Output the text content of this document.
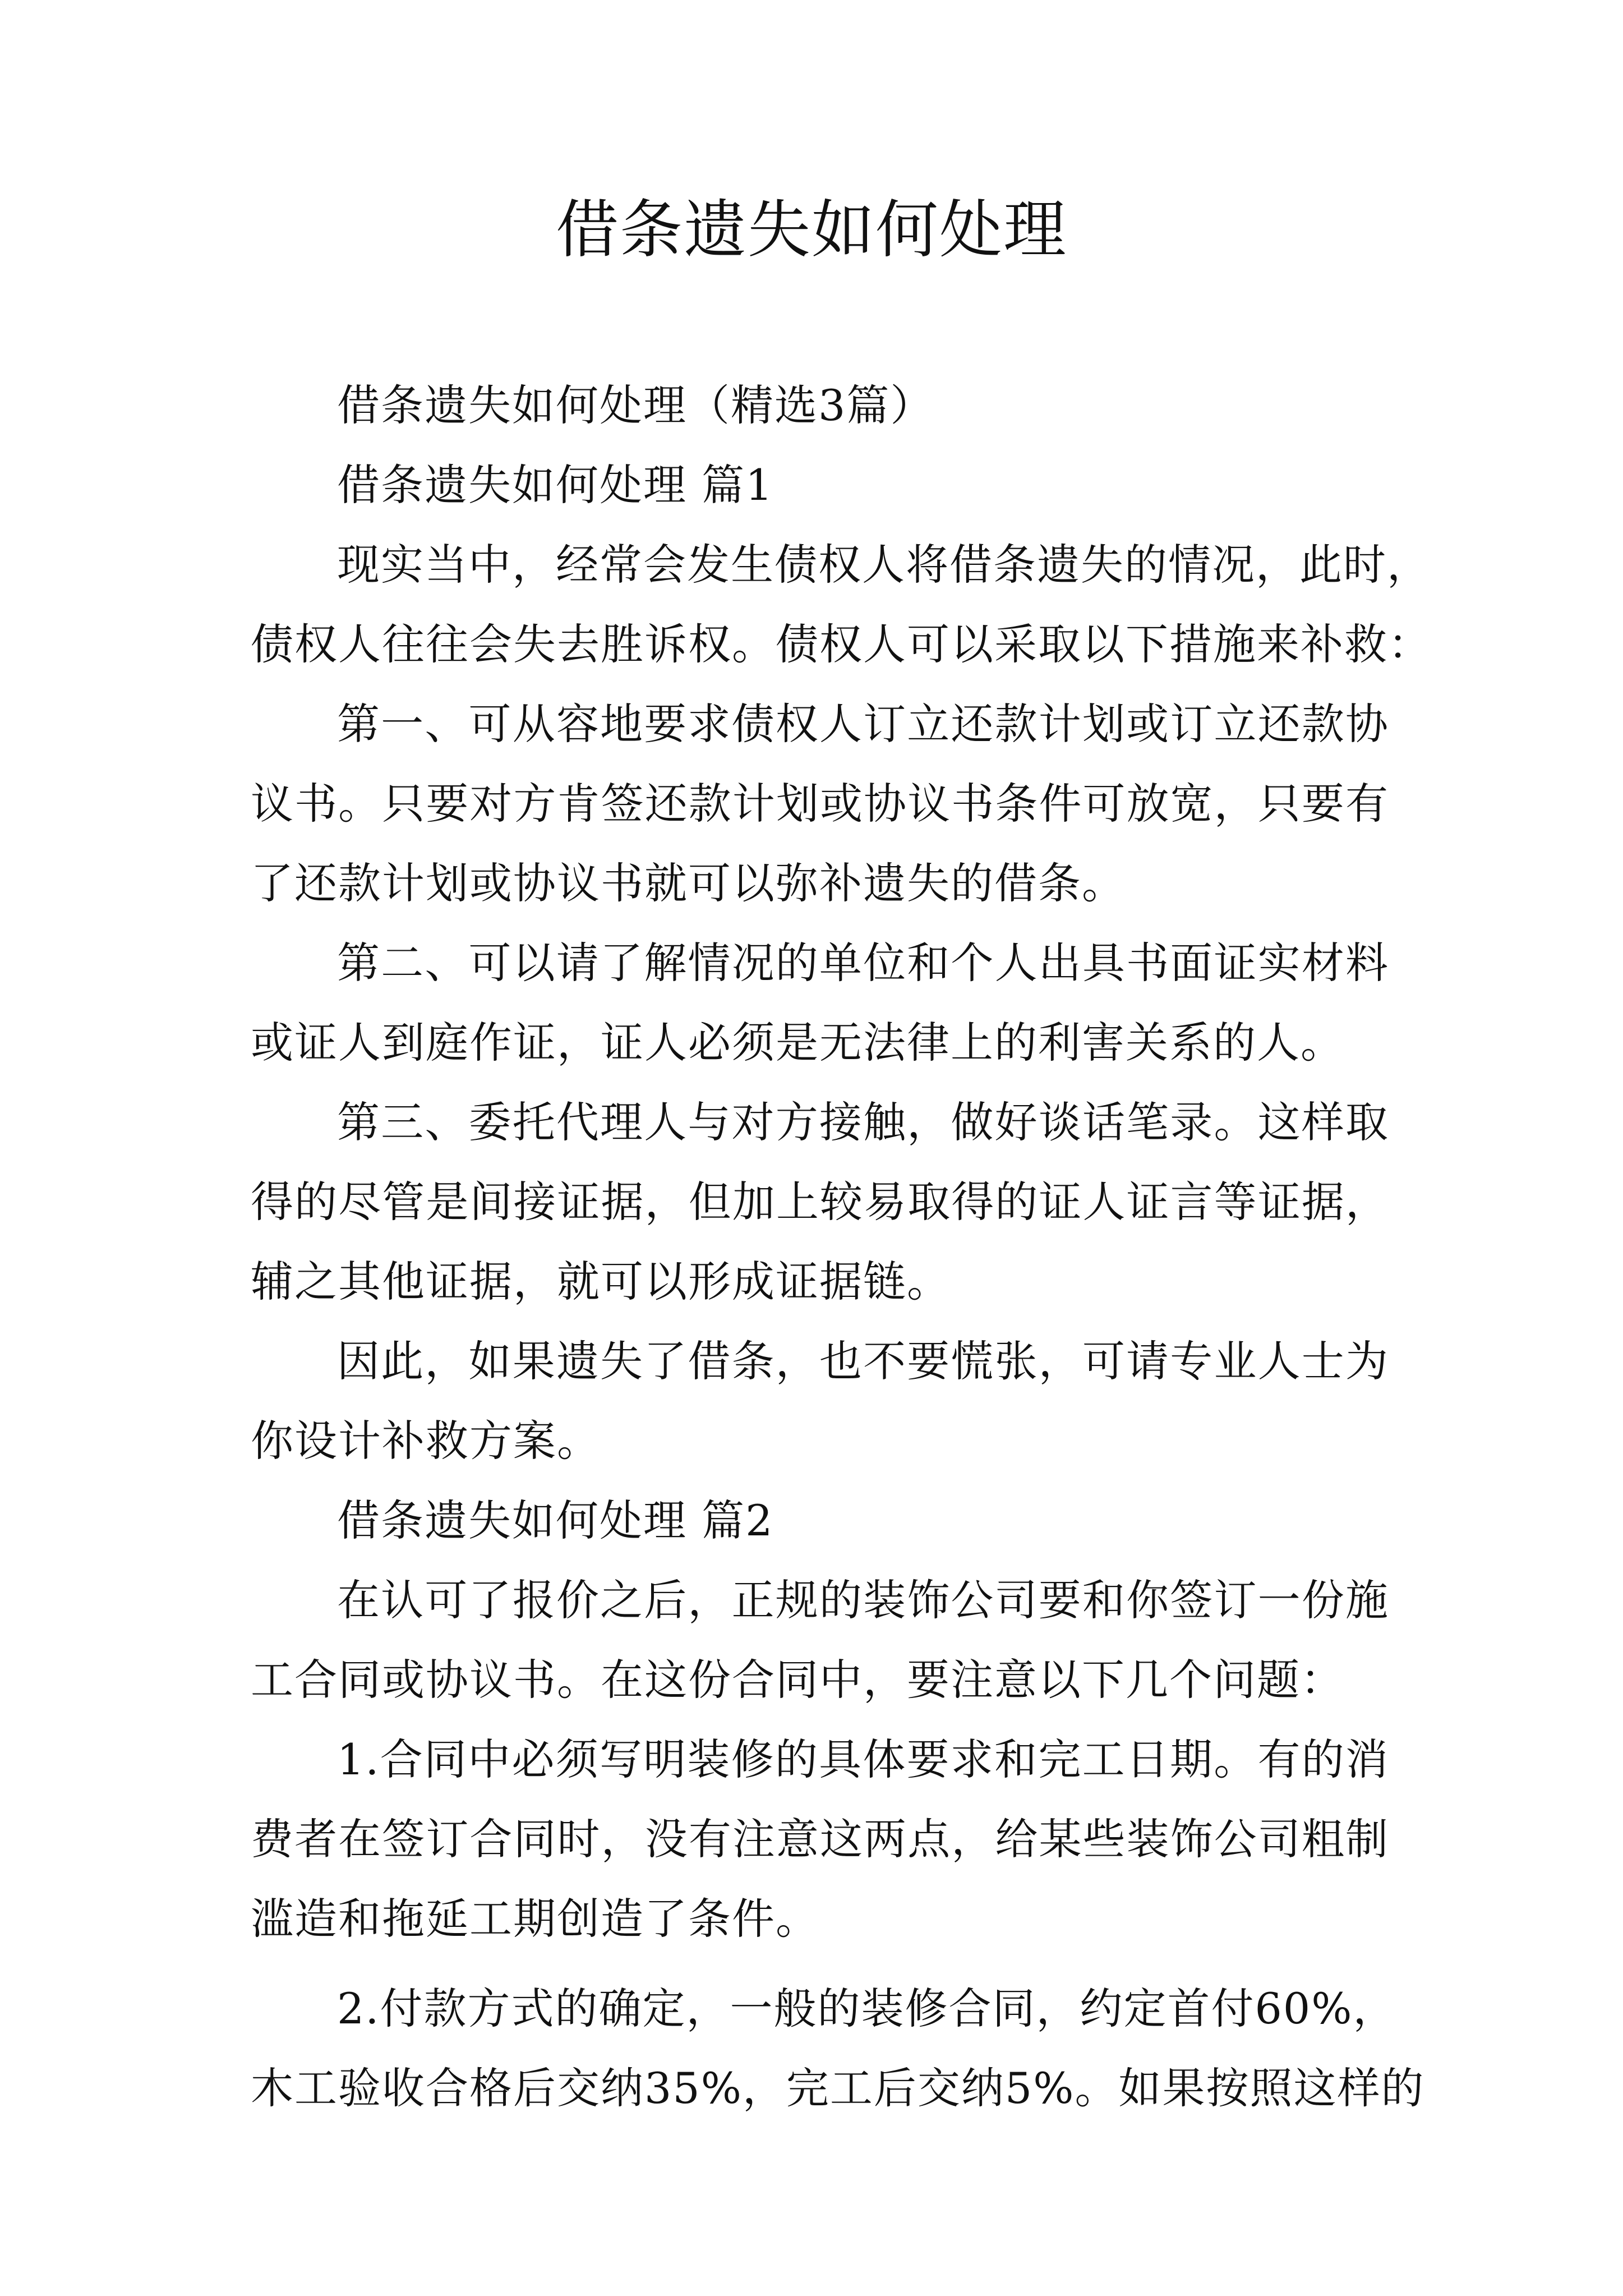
借条遗失如何处理
借条遗失如何处理（精选3篇）
借条遗失如何处理 篇1
现实当中，经常会发生债权人将借条遗失的情况，此时，
债权人往往会失去胜诉权。债权人可以采取以下措施来补救：
第一、可从容地要求债权人订立还款计划或订立还款协
议书。只要对方肯签还款计划或协议书条件可放宽，只要有
了还款计划或协议书就可以弥补遗失的借条。
第二、可以请了解情况的单位和个人出具书面证实材料
或证人到庭作证，证人必须是无法律上的利害关系的人。
第三、委托代理人与对方接触，做好谈话笔录。这样取
得的尽管是间接证据，但加上较易取得的证人证言等证据，
辅之其他证据，就可以形成证据链。
因此，如果遗失了借条，也不要慌张，可请专业人士为
你设计补救方案。
借条遗失如何处理 篇2
在认可了报价之后，正规的装饰公司要和你签订一份施
工合同或协议书。在这份合同中，要注意以下几个问题：
1.合同中必须写明装修的具体要求和完工日期。有的消
费者在签订合同时，没有注意这两点，给某些装饰公司粗制
滥造和拖延工期创造了条件。
2.付款方式的确定，一般的装修合同，约定首付60%，
木工验收合格后交纳35%，完工后交纳5%。如果按照这样的
